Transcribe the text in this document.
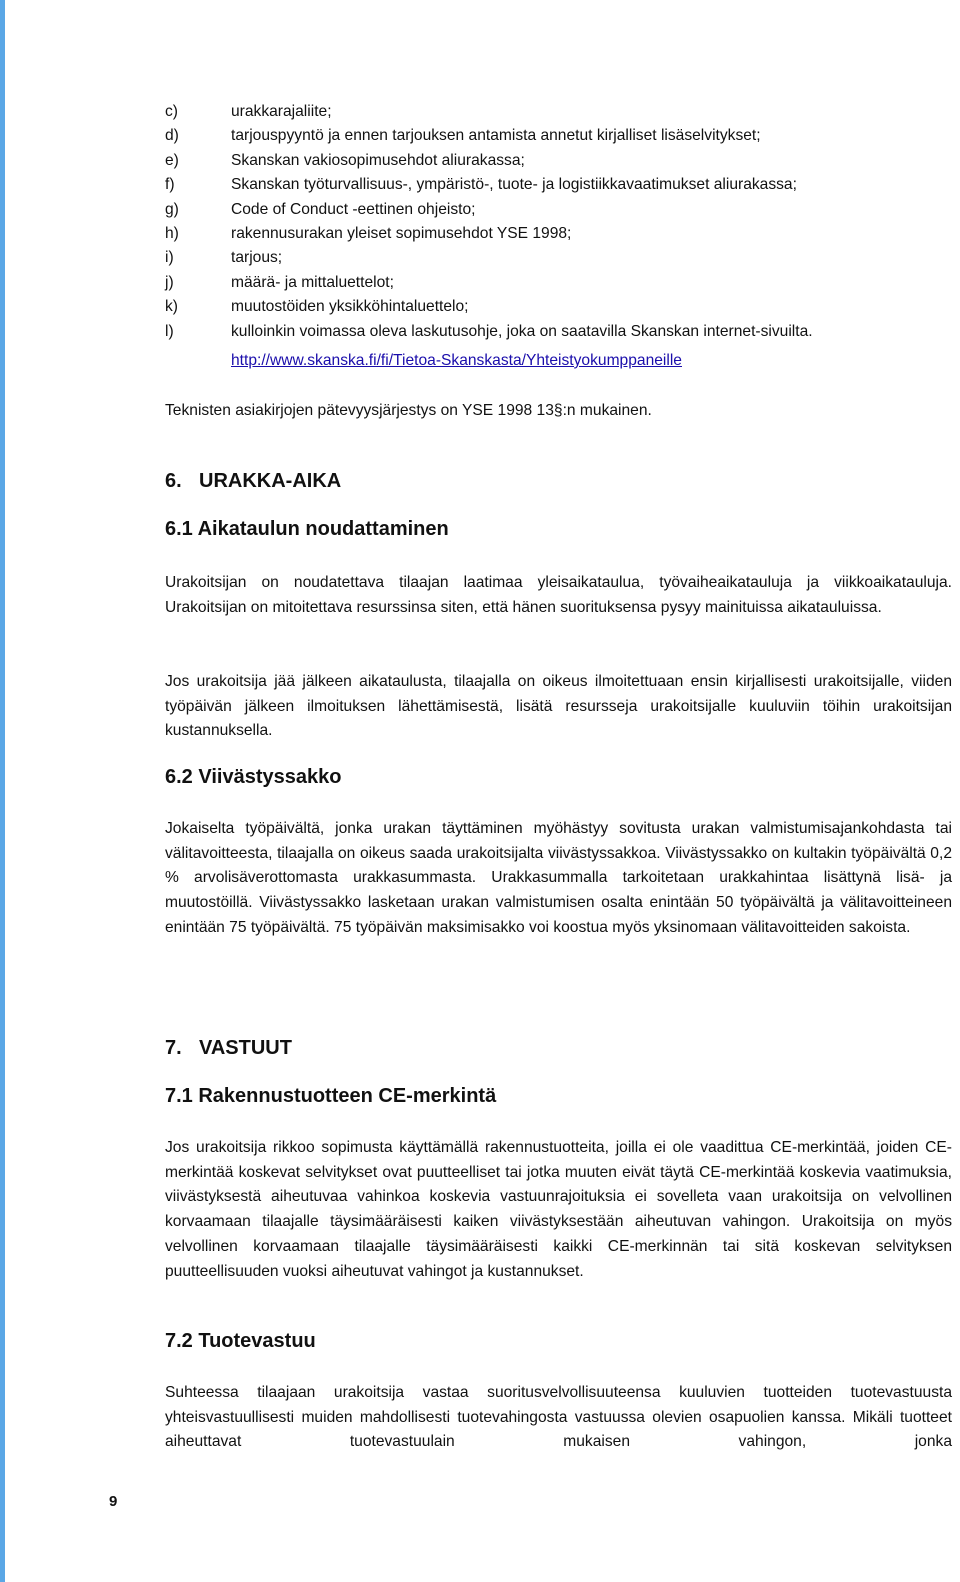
c)	urakkarajaliite;
d)	tarjouspyyntö ja ennen tarjouksen antamista annetut kirjalliset lisäselvitykset;
e)	Skanskan vakiosopimusehdot aliurakassa;
f)	Skanskan työturvallisuus-, ympäristö-, tuote- ja logistiikkavaatimukset aliurakassa;
g)	Code of Conduct -eettinen ohjeisto;
h)	rakennusurakan yleiset sopimusehdot YSE 1998;
i)	tarjous;
j)	määrä- ja mittaluettelot;
k)	muutostöiden yksikköhintaluettelo;
l)	kulloinkin voimassa oleva laskutusohje, joka on saatavilla Skanskan internet-sivuilta.
http://www.skanska.fi/fi/Tietoa-Skanskasta/Yhteistyokumppaneille
Teknisten asiakirjojen pätevyysjärjestys on YSE 1998 13§:n mukainen.
6. URAKKA-AIKA
6.1 Aikataulun noudattaminen
Urakoitsijan on noudatettava tilaajan laatimaa yleisaikataulua, työvaiheaikatauluja ja viikkoaikatauluja. Urakoitsijan on mitoitettava resurssinsa siten, että hänen suorituksensa pysyy mainituissa aikatauluissa.
Jos urakoitsija jää jälkeen aikataulusta, tilaajalla on oikeus ilmoitettuaan ensin kirjallisesti urakoitsijalle, viiden työpäivän jälkeen ilmoituksen lähettämisestä, lisätä resursseja urakoitsijalle kuuluviin töihin urakoitsijan kustannuksella.
6.2 Viivästyssakko
Jokaiselta työpäivältä, jonka urakan täyttäminen myöhästyy sovitusta urakan valmistumisajankohdasta tai välitavoitteesta, tilaajalla on oikeus saada urakoitsijalta viivästyssakkoa. Viivästyssakko on kultakin työpäivältä 0,2 % arvolisäverottomasta urakkasummasta. Urakkasummalla tarkoitetaan urakkahintaa lisättynä lisä- ja muutostöillä. Viivästyssakko lasketaan urakan valmistumisen osalta enintään 50 työpäivältä ja välitavoitteineen enintään 75 työpäivältä. 75 työpäivän maksimisakko voi koostua myös yksinomaan välitavoitteiden sakoista.
7. VASTUUT
7.1 Rakennustuotteen CE-merkintä
Jos urakoitsija rikkoo sopimusta käyttämällä rakennustuotteita, joilla ei ole vaadittua CE-merkintää, joiden CE-merkintää koskevat selvitykset ovat puutteelliset tai jotka muuten eivät täytä CE-merkintää koskevia vaatimuksia, viivästyksestä aiheutuvaa vahinkoa koskevia vastuunrajoituksia ei sovelleta vaan urakoitsija on velvollinen korvaamaan tilaajalle täysimääräisesti kaiken viivästyksestään aiheutuvan vahingon. Urakoitsija on myös velvollinen korvaamaan tilaajalle täysimääräisesti kaikki CE-merkinnän tai sitä koskevan selvityksen puutteellisuuden vuoksi aiheutuvat vahingot ja kustannukset.
7.2 Tuotevastuu
Suhteessa tilaajaan urakoitsija vastaa suoritusvelvollisuuteensa kuuluvien tuotteiden tuotevastuusta yhteisvastuullisesti muiden mahdollisesti tuotevahingosta vastuussa olevien osapuolien kanssa. Mikäli tuotteet aiheuttavat tuotevastuulain mukaisen vahingon, jonka
9
